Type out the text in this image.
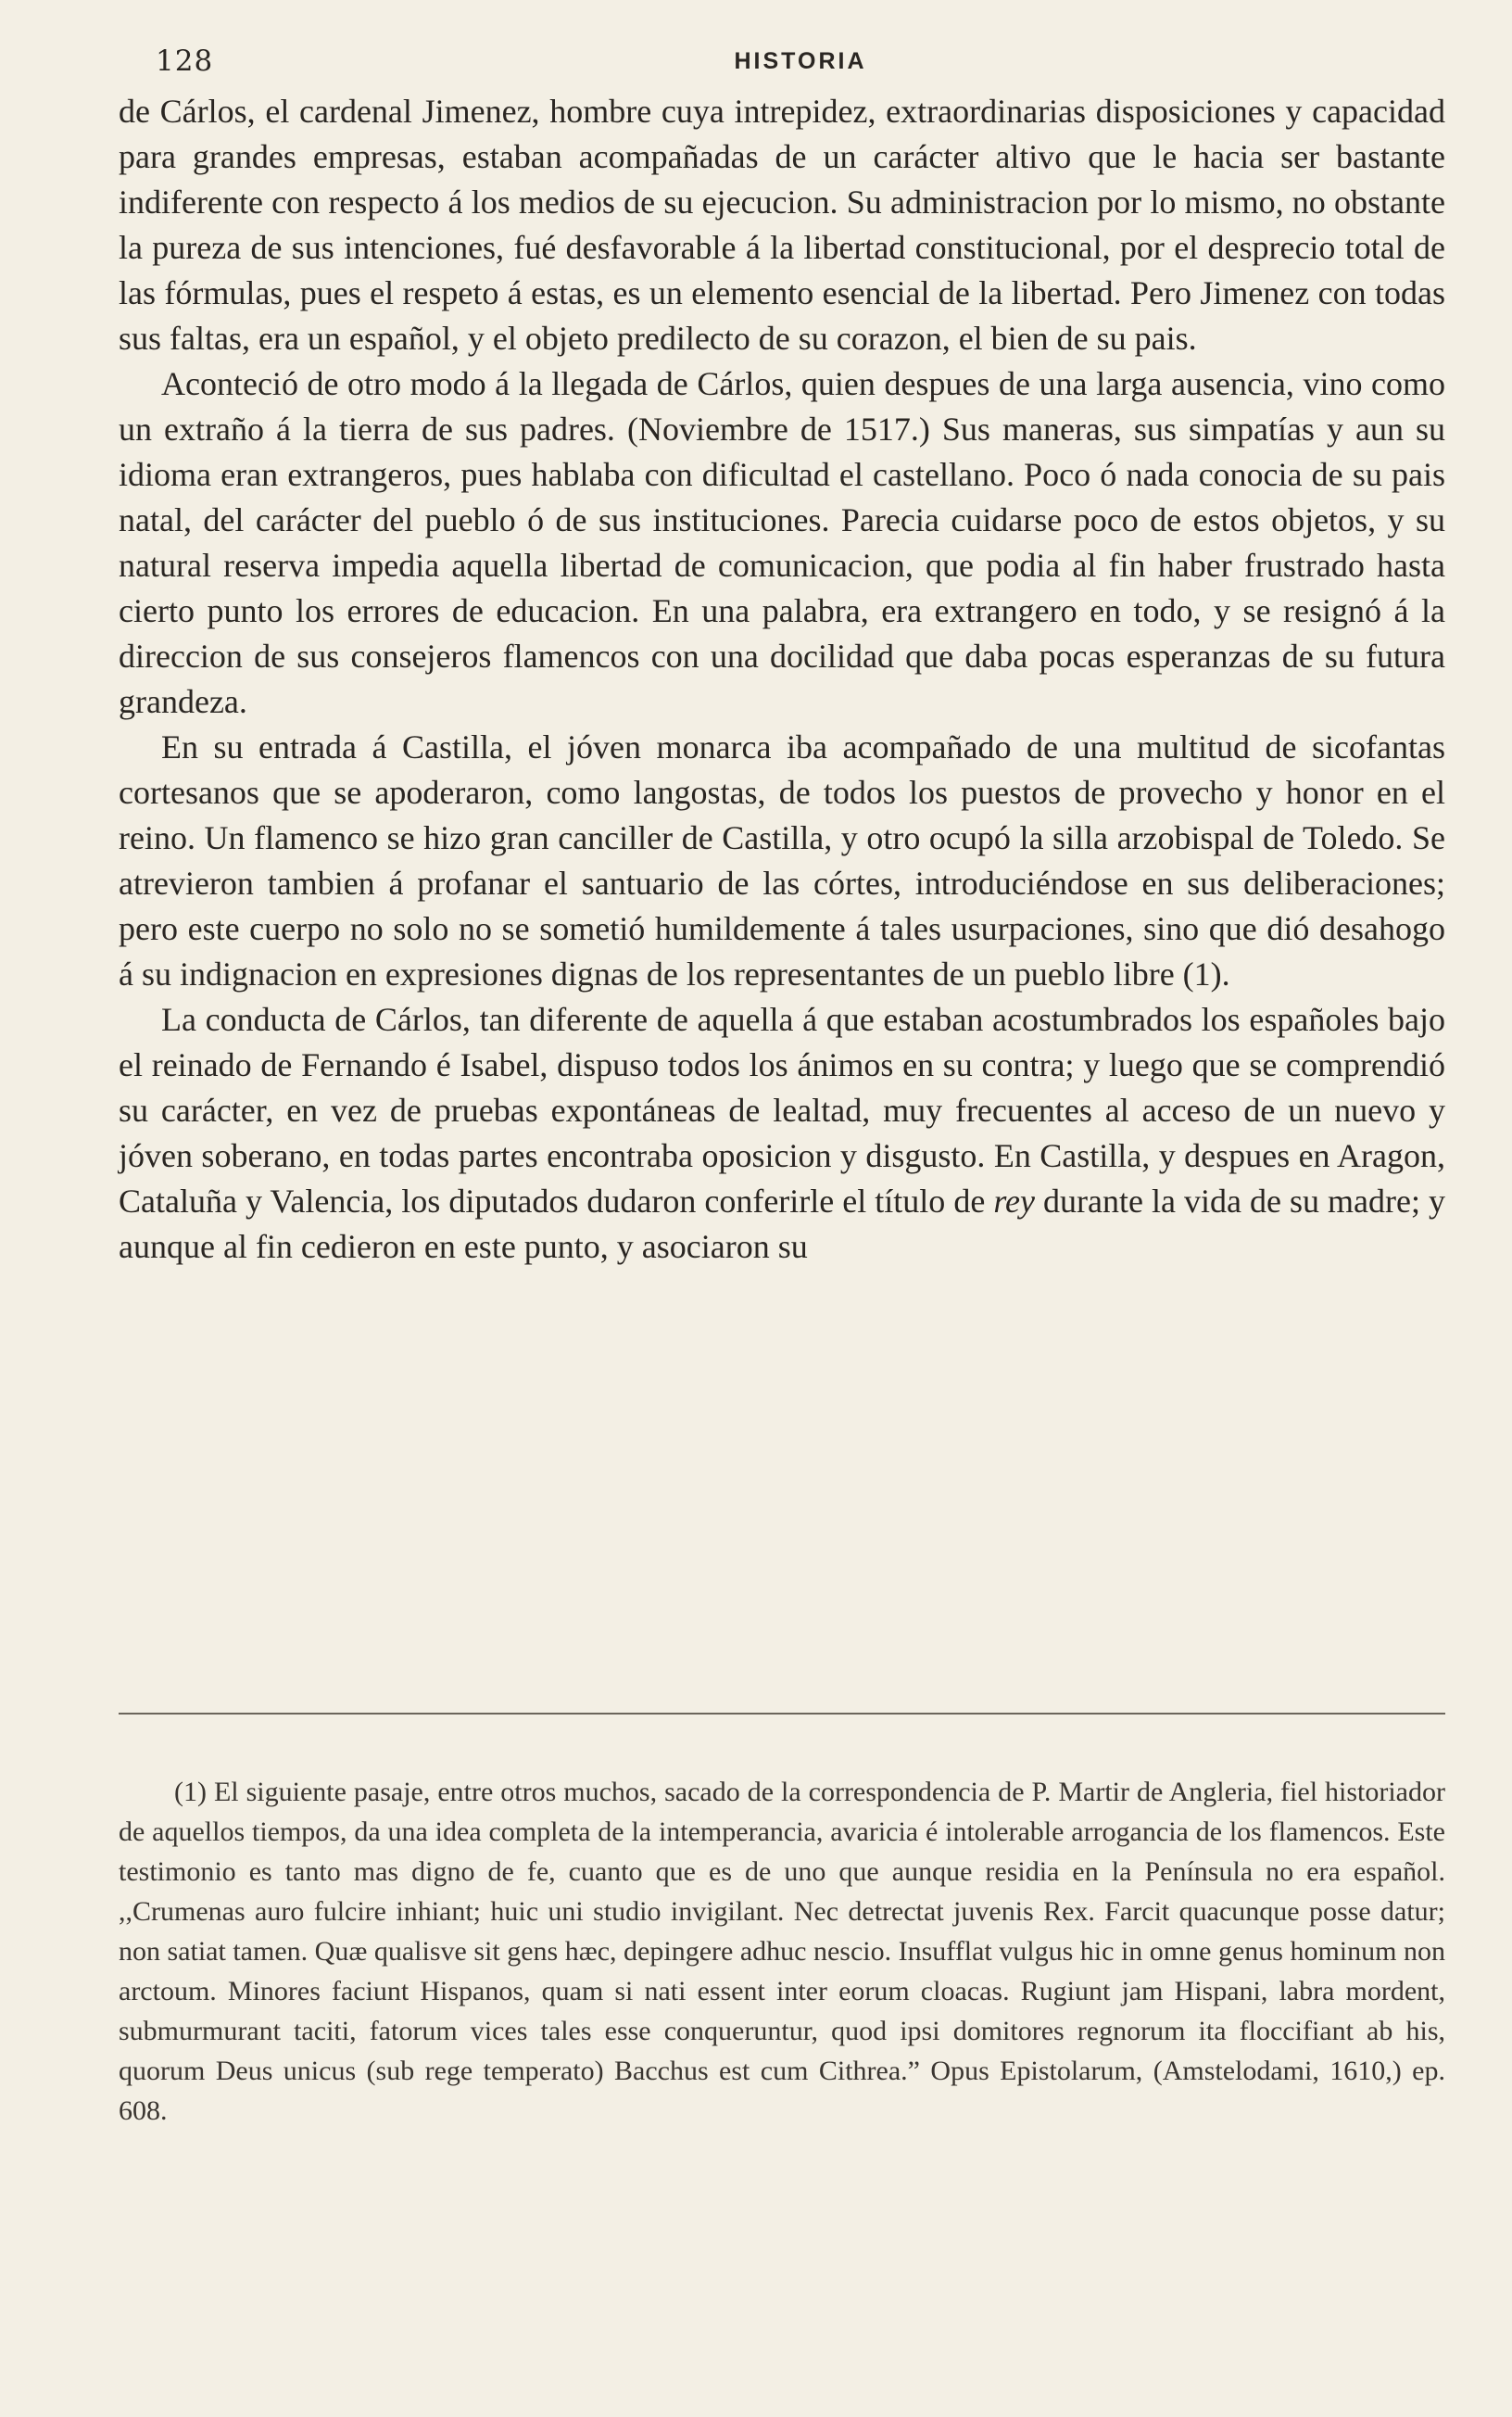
128	HISTORIA

de Cárlos, el cardenal Jimenez, hombre cuya intrepidez, extraordinarias disposiciones y capacidad para grandes empresas, estaban acompañadas de un carácter altivo que le hacia ser bastante indiferente con respecto á los medios de su ejecucion. Su administracion por lo mismo, no obstante la pureza de sus intenciones, fué desfavorable á la libertad constitucional, por el desprecio total de las fórmulas, pues el respeto á estas, es un elemento esencial de la libertad. Pero Jimenez con todas sus faltas, era un español, y el objeto predilecto de su corazon, el bien de su pais.

Aconteció de otro modo á la llegada de Cárlos, quien despues de una larga ausencia, vino como un extraño á la tierra de sus padres. (Noviembre de 1517.) Sus maneras, sus simpatías y aun su idioma eran extrangeros, pues hablaba con dificultad el castellano. Poco ó nada conocia de su pais natal, del carácter del pueblo ó de sus instituciones. Parecia cuidarse poco de estos objetos, y su natural reserva impedia aquella libertad de comunicacion, que podia al fin haber frustrado hasta cierto punto los errores de educacion. En una palabra, era extrangero en todo, y se resignó á la direccion de sus consejeros flamencos con una docilidad que daba pocas esperanzas de su futura grandeza.

En su entrada á Castilla, el jóven monarca iba acompañado de una multitud de sicofantas cortesanos que se apoderaron, como langostas, de todos los puestos de provecho y honor en el reino. Un flamenco se hizo gran canciller de Castilla, y otro ocupó la silla arzobispal de Toledo. Se atrevieron tambien á profanar el santuario de las córtes, introduciéndose en sus deliberaciones; pero este cuerpo no solo no se sometió humildemente á tales usurpaciones, sino que dió desahogo á su indignacion en expresiones dignas de los representantes de un pueblo libre (1).

La conducta de Cárlos, tan diferente de aquella á que estaban acostumbrados los españoles bajo el reinado de Fernando é Isabel, dispuso todos los ánimos en su contra; y luego que se comprendió su carácter, en vez de pruebas expontáneas de lealtad, muy frecuentes al acceso de un nuevo y jóven soberano, en todas partes encontraba oposicion y disgusto. En Castilla, y despues en Aragon, Cataluña y Valencia, los diputados dudaron conferirle el título de rey durante la vida de su madre; y aunque al fin cedieron en este punto, y asociaron su

(1) El siguiente pasaje, entre otros muchos, sacado de la correspondencia de P. Martir de Angleria, fiel historiador de aquellos tiempos, da una idea completa de la intemperancia, avaricia é intolerable arrogancia de los flamencos. Este testimonio es tanto mas digno de fe, cuanto que es de uno que aunque residia en la Península no era español. ,,Crumenas auro fulcire inhiant; huic uni studio invigilant. Nec detrectat juvenis Rex. Farcit quacunque posse datur; non satiat tamen. Quæ qualisve sit gens hæc, depingere adhuc nescio. Insufflat vulgus hic in omne genus hominum non arctoum. Minores faciunt Hispanos, quam si nati essent inter eorum cloacas. Rugiunt jam Hispani, labra mordent, submurmurant taciti, fatorum vices tales esse conqueruntur, quod ipsi domitores regnorum ita floccifiant ab his, quorum Deus unicus (sub rege temperato) Bacchus est cum Cithrea.” Opus Epistolarum, (Amstelodami, 1610,) ep. 608.
